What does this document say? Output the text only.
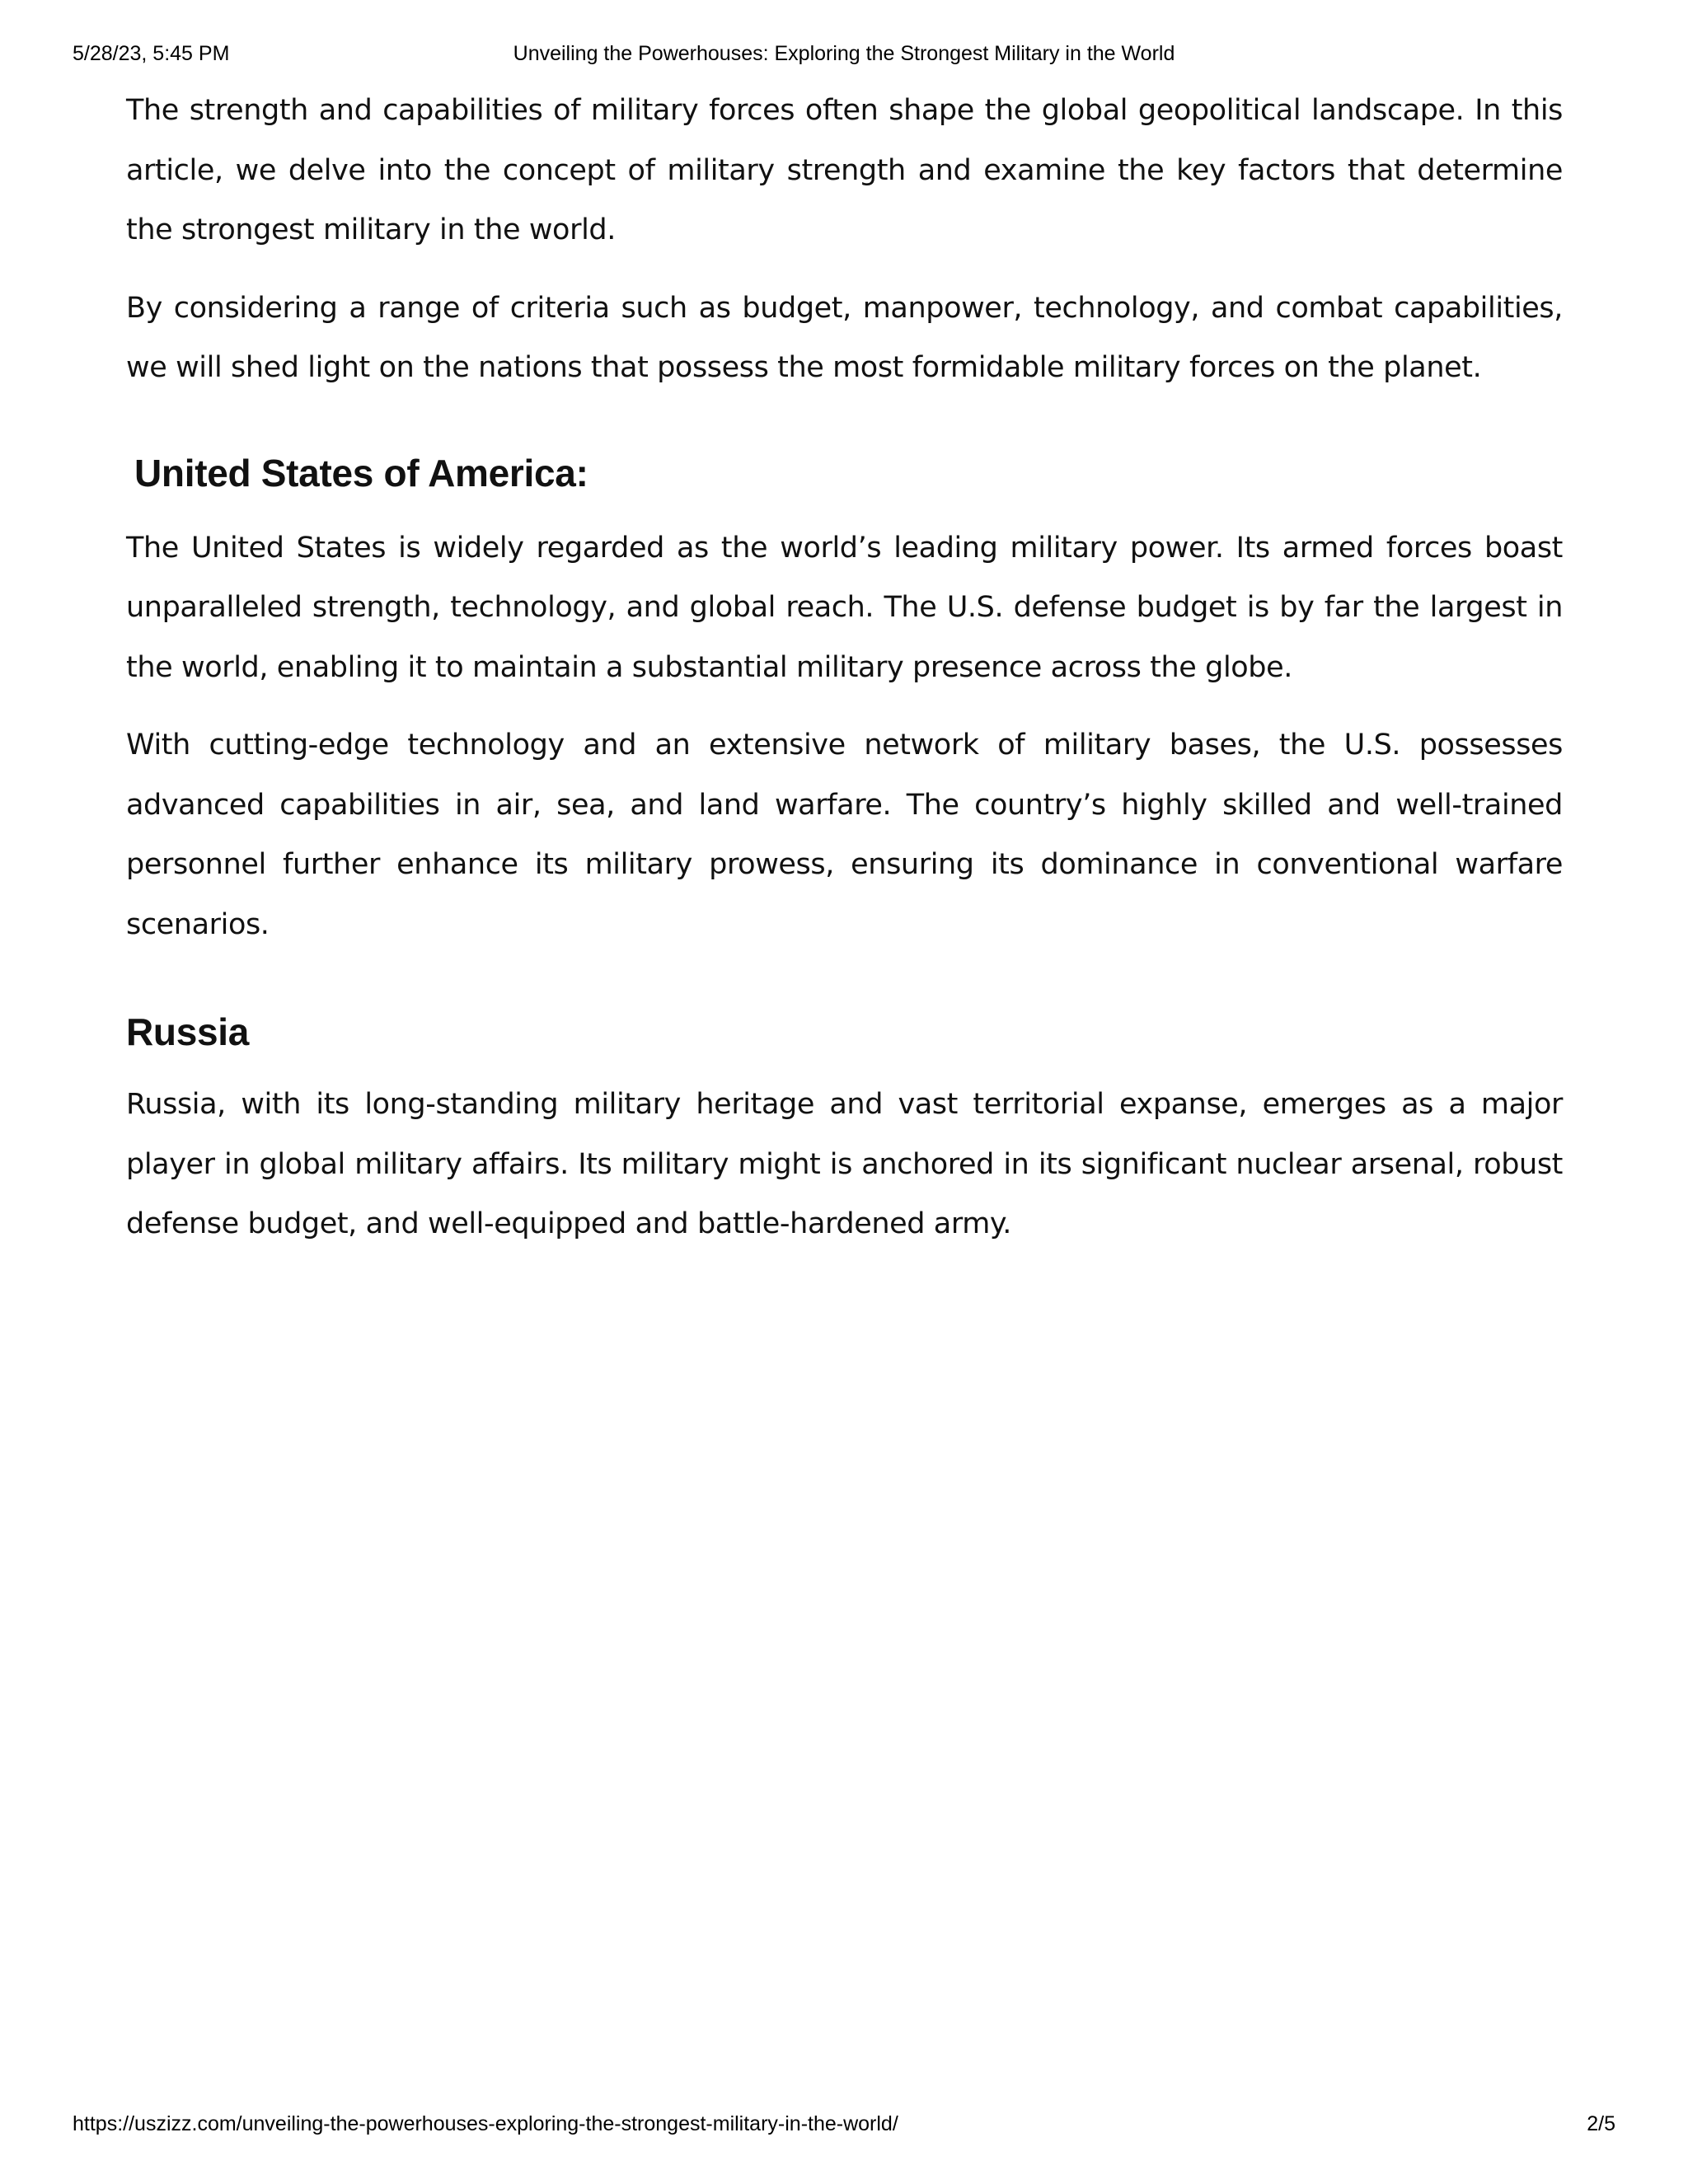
Unveiling the Powerhouses: Exploring the Strongest Military in the World
5/28/23, 5:45 PM

The strength and capabilities of military forces often shape the global geopolitical landscape. In this article, we delve into the concept of military strength and examine the key factors that determine the strongest military in the world.

By considering a range of criteria such as budget, manpower, technology, and combat capabilities, we will shed light on the nations that possess the most formidable military forces on the planet.

United States of America:

The United States is widely regarded as the world’s leading military power. Its armed forces boast unparalleled strength, technology, and global reach. The U.S. defense budget is by far the largest in the world, enabling it to maintain a substantial military presence across the globe.

With cutting-edge technology and an extensive network of military bases, the U.S. possesses advanced capabilities in air, sea, and land warfare. The country’s highly skilled and well-trained personnel further enhance its military prowess, ensuring its dominance in conventional warfare scenarios.

Russia

Russia, with its long-standing military heritage and vast territorial expanse, emerges as a major player in global military affairs. Its military might is anchored in its significant nuclear arsenal, robust defense budget, and well-equipped and battle-hardened army.

https://uszizz.com/unveiling-the-powerhouses-exploring-the-strongest-military-in-the-world/	2/5
